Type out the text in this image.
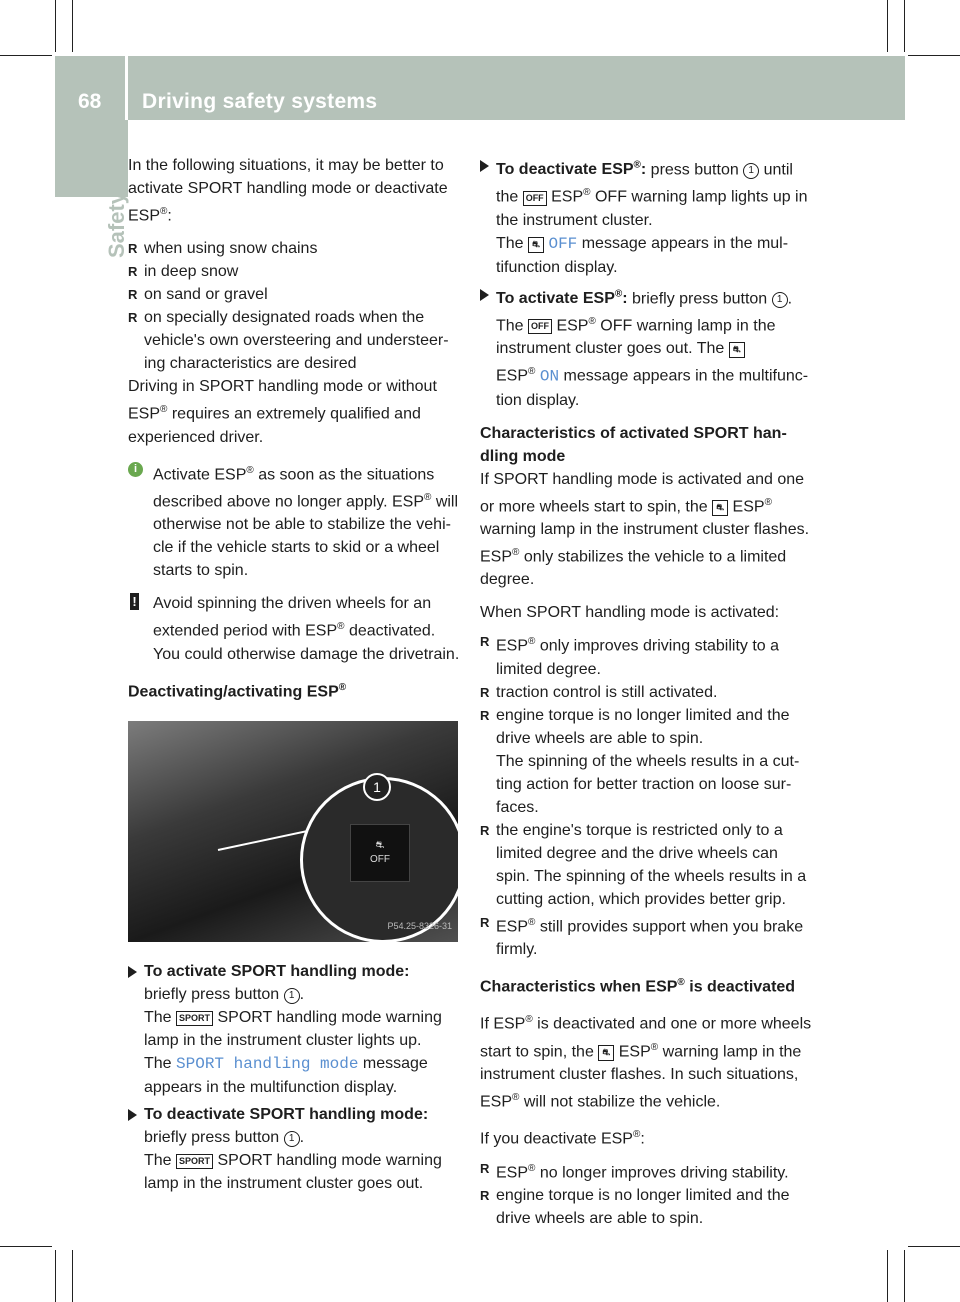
68 Driving safety systems
Safety

In the following situations, it may be better to activate SPORT handling mode or deactivate ESP®:

R when using snow chains
R in deep snow
R on sand or gravel
R on specially designated roads when the vehicle's own oversteering and understeering characteristics are desired

Driving in SPORT handling mode or without ESP® requires an extremely qualified and experienced driver.

i Activate ESP® as soon as the situations described above no longer apply. ESP® will otherwise not be able to stabilize the vehicle if the vehicle starts to skid or a wheel starts to spin.
! Avoid spinning the driven wheels for an extended period with ESP® deactivated. You could otherwise damage the drivetrain.
Deactivating/activating ESP®
⛐
OFF
1
P54.25-8326-31
To activate SPORT handling mode:
briefly press button 1 .
The SPORT SPORT handling mode warning lamp in the instrument cluster lights up.
The SPORT handling mode message appears in the multifunction display.
To deactivate SPORT handling mode:
briefly press button 1 .
The SPORT SPORT handling mode warning lamp in the instrument cluster goes out.
To deactivate ESP®: press button 1 until the OFF ESP® OFF warning lamp lights up in the instrument cluster.
The ⛐ OFF message appears in the multifunction display.
To activate ESP®: briefly press button 1 .
The OFF ESP® OFF warning lamp in the instrument cluster goes out. The ⛐
ESP® ON message appears in the multifunction display.

Characteristics of activated SPORT handling mode

If SPORT handling mode is activated and one or more wheels start to spin, the ⛐ ESP® warning lamp in the instrument cluster flashes. ESP® only stabilizes the vehicle to a limited degree.

When SPORT handling mode is activated:

R ESP® only improves driving stability to a limited degree.
R traction control is still activated.
R engine torque is no longer limited and the drive wheels are able to spin.
The spinning of the wheels results in a cutting action for better traction on loose surfaces.
R the engine's torque is restricted only to a limited degree and the drive wheels can spin. The spinning of the wheels results in a cutting action, which provides better grip.
R ESP® still provides support when you brake firmly.

Characteristics when ESP® is deactivated

If ESP® is deactivated and one or more wheels start to spin, the ⛐ ESP® warning lamp in the instrument cluster flashes. In such situations, ESP® will not stabilize the vehicle.

If you deactivate ESP®:

R ESP® no longer improves driving stability.
R engine torque is no longer limited and the drive wheels are able to spin.
